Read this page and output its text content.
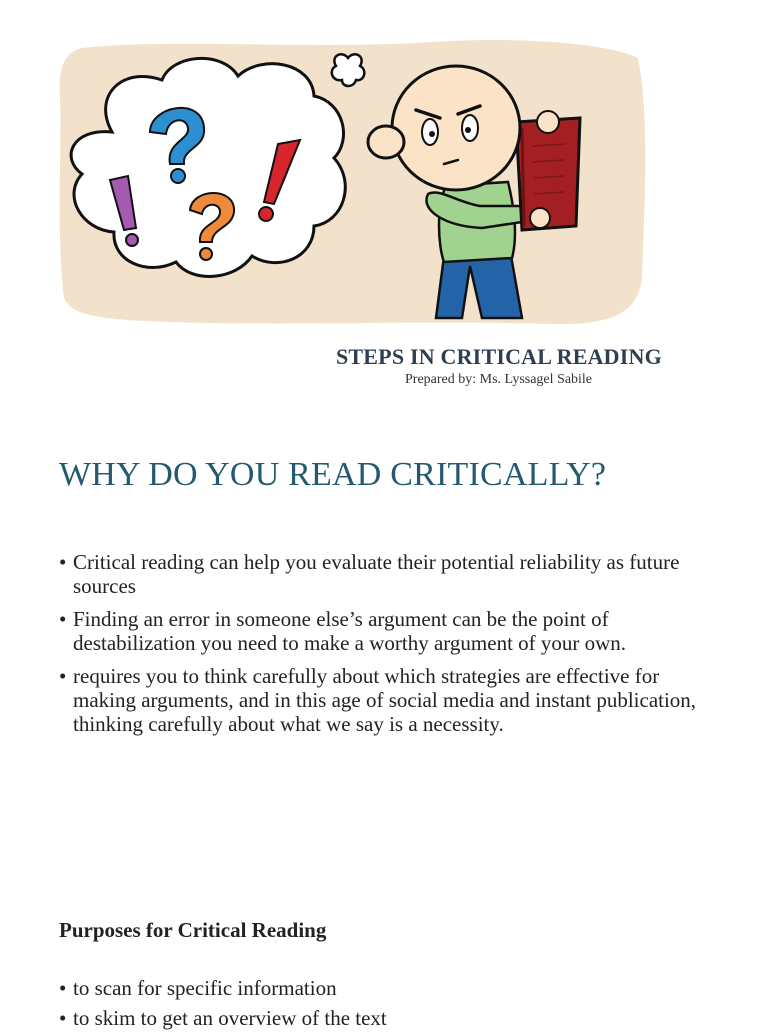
STEPS IN CRITICAL READING
Prepared by: Ms. Lyssagel Sabile
WHY DO YOU READ CRITICALLY?
• Critical reading can help you evaluate their potential reliability as future sources
• Finding an error in someone else’s argument can be the point of destabilization you need to make a worthy argument of your own.
• requires you to think carefully about which strategies are effective for making arguments, and in this age of social media and instant publication, thinking carefully about what we say is a necessity.
Purposes for Critical Reading
• to scan for specific information
• to skim to get an overview of the text
